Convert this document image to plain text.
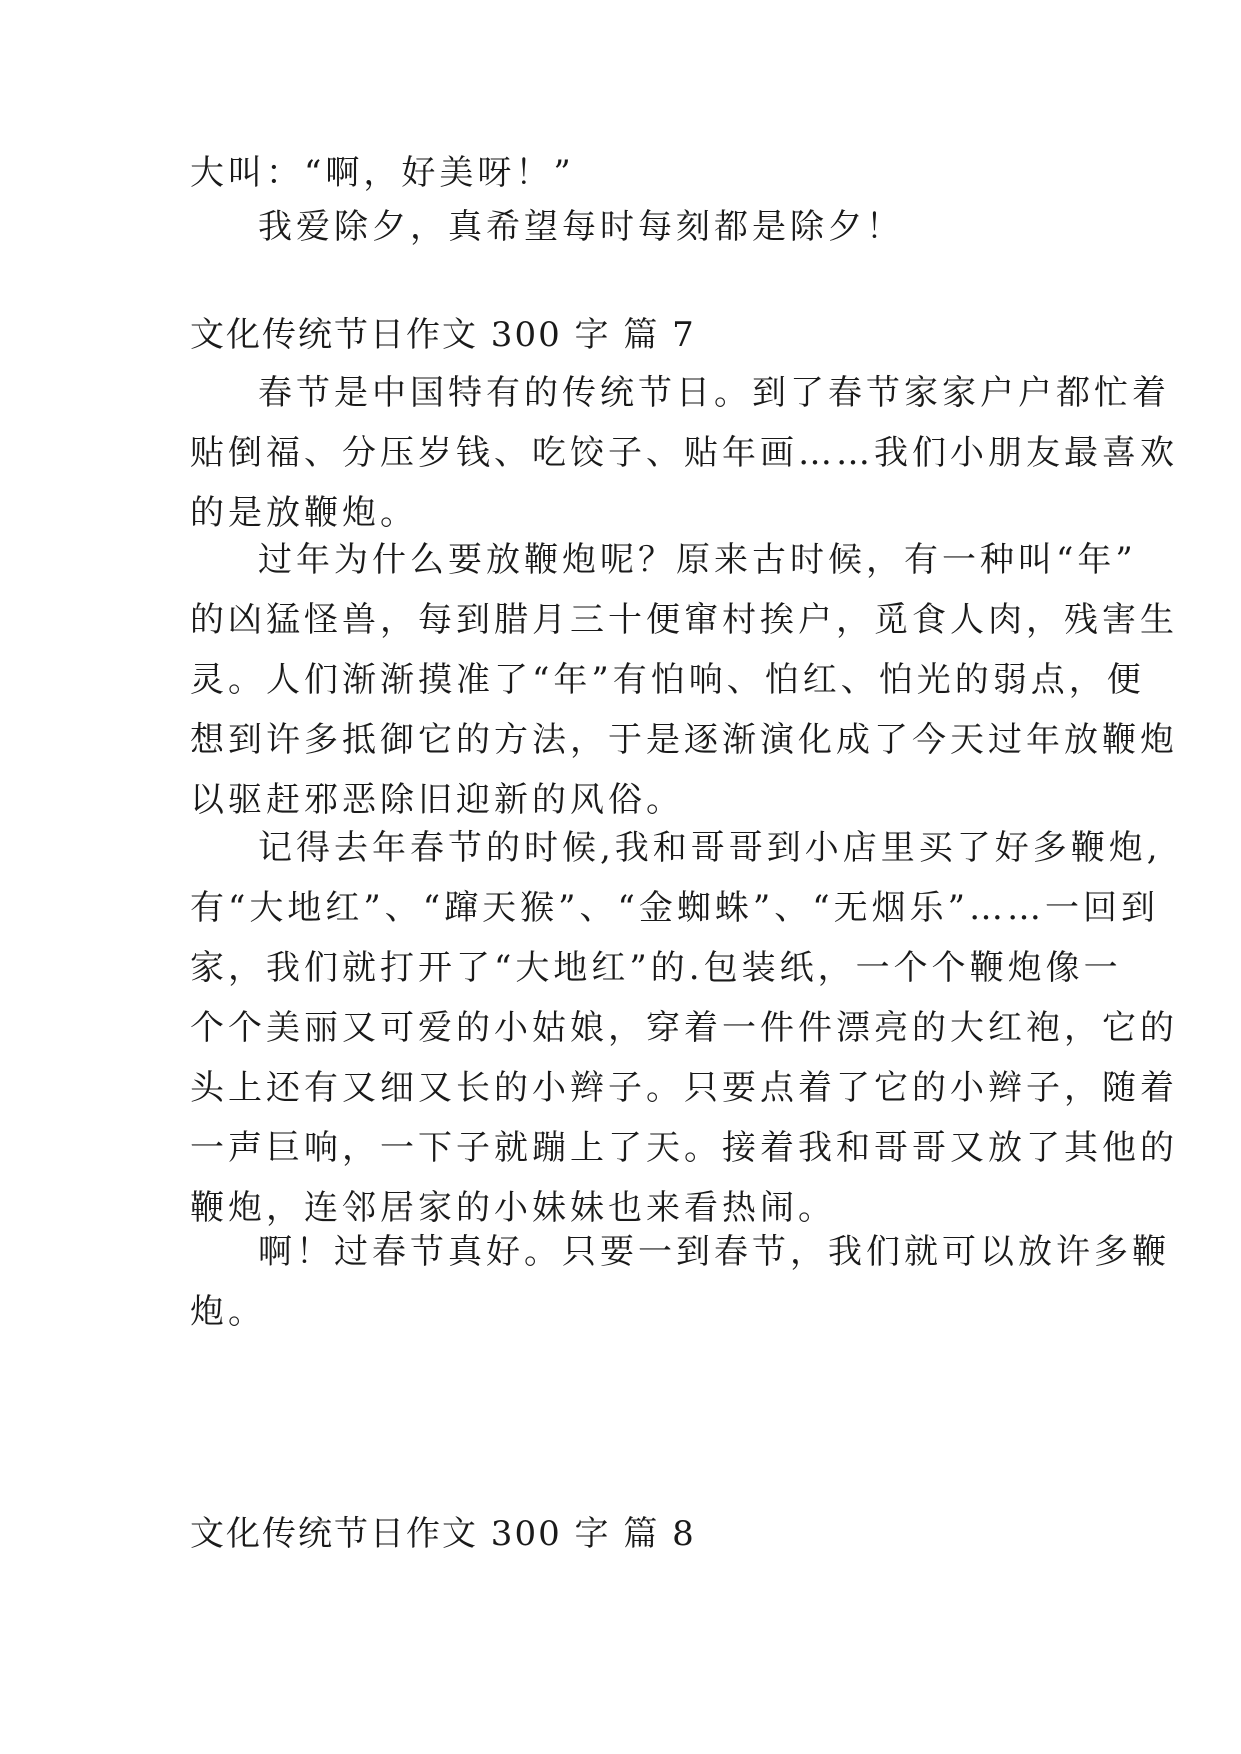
大叫：“啊，好美呀！”

我爱除夕，真希望每时每刻都是除夕！

文化传统节日作文 300 字 篇 7

春节是中国特有的传统节日。到了春节家家户户都忙着
贴倒福、分压岁钱、吃饺子、贴年画……我们小朋友最喜欢
的是放鞭炮。

过年为什么要放鞭炮呢？原来古时候，有一种叫“年”
的凶猛怪兽，每到腊月三十便窜村挨户，觅食人肉，残害生
灵。人们渐渐摸准了“年”有怕响、怕红、怕光的弱点，便
想到许多抵御它的方法，于是逐渐演化成了今天过年放鞭炮
以驱赶邪恶除旧迎新的风俗。

记得去年春节的时候,我和哥哥到小店里买了好多鞭炮,
有“大地红”、“蹿天猴”、“金蜘蛛”、“无烟乐”……一回到
家，我们就打开了“大地红”的.包装纸，一个个鞭炮像一
个个美丽又可爱的小姑娘，穿着一件件漂亮的大红袍，它的
头上还有又细又长的小辫子。只要点着了它的小辫子，随着
一声巨响，一下子就蹦上了天。接着我和哥哥又放了其他的
鞭炮，连邻居家的小妹妹也来看热闹。

啊！过春节真好。只要一到春节，我们就可以放许多鞭
炮。

文化传统节日作文 300 字 篇 8
